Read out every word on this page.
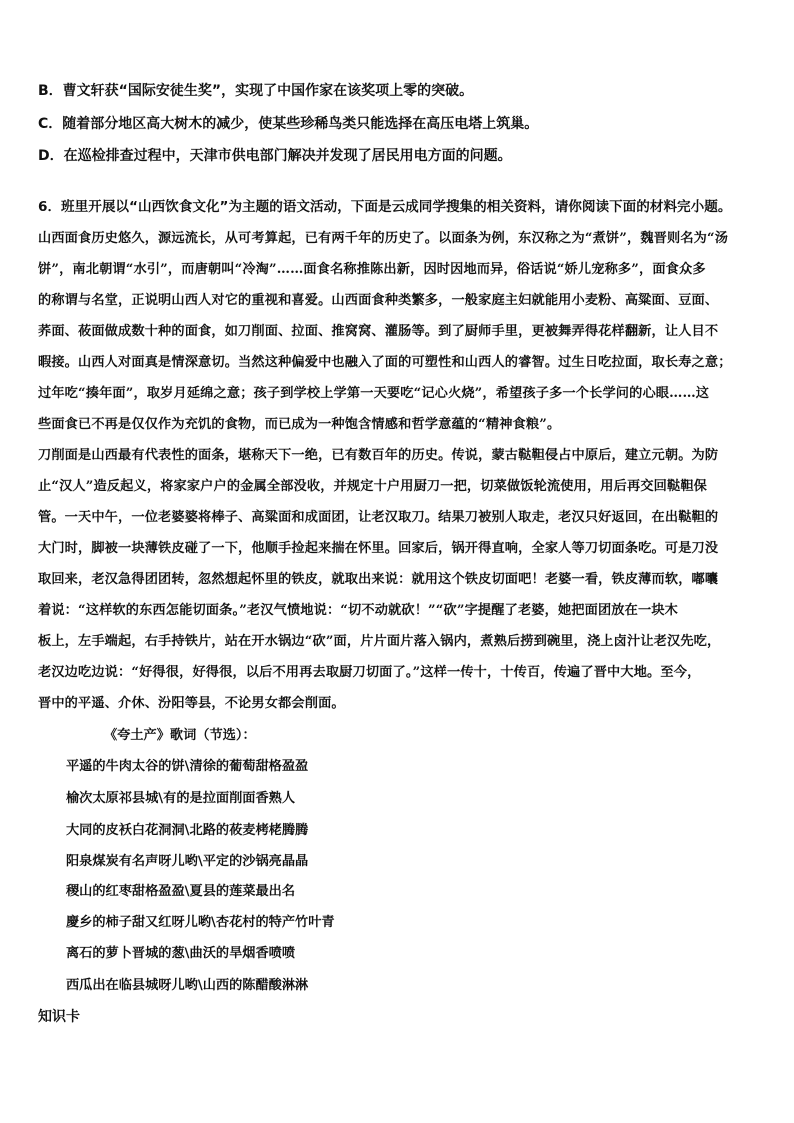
B．曹文轩获“国际安徒生奖”，实现了中国作家在该奖项上零的突破。
C．随着部分地区高大树木的减少，使某些珍稀鸟类只能选择在高压电塔上筑巢。
D．在巡检排查过程中，天津市供电部门解决并发现了居民用电方面的问题。
6．班里开展以“山西饮食文化”为主题的语文活动，下面是云成同学搜集的相关资料，请你阅读下面的材料完小题。
山西面食历史悠久，源远流长，从可考算起，已有两千年的历史了。以面条为例，东汉称之为“煮饼”，魏晋则名为“汤
饼”，南北朝谓“水引”，而唐朝叫“冷淘”……面食名称推陈出新，因时因地而异，俗话说“娇儿宠称多”，面食众多
的称谓与名堂，正说明山西人对它的重视和喜爱。山西面食种类繁多，一般家庭主妇就能用小麦粉、高粱面、豆面、
荞面、莜面做成数十种的面食，如刀削面、拉面、推窝窝、灌肠等。到了厨师手里，更被舞弄得花样翻新，让人目不
暇接。山西人对面真是情深意切。当然这种偏爱中也融入了面的可塑性和山西人的睿智。过生日吃拉面，取长寿之意；
过年吃“揍年面”，取岁月延绵之意；孩子到学校上学第一天要吃“记心火烧”，希望孩子多一个长学问的心眼……这
些面食已不再是仅仅作为充饥的食物，而已成为一种饱含情感和哲学意蕴的“精神食粮”。
刀削面是山西最有代表性的面条，堪称天下一绝，已有数百年的历史。传说，蒙古鞑靼侵占中原后，建立元朝。为防
止“汉人”造反起义，将家家户户的金属全部没收，并规定十户用厨刀一把，切菜做饭轮流使用，用后再交回鞑靼保
管。一天中午，一位老婆婆将棒子、高粱面和成面团，让老汉取刀。结果刀被别人取走，老汉只好返回，在出鞑靼的
大门时，脚被一块薄铁皮碰了一下，他顺手捡起来揣在怀里。回家后，锅开得直响，全家人等刀切面条吃。可是刀没
取回来，老汉急得团团转，忽然想起怀里的铁皮，就取出来说：就用这个铁皮切面吧！老婆一看，铁皮薄而软，嘟囔
着说：“这样软的东西怎能切面条。”老汉气愤地说：“切不动就砍！”“砍”字提醒了老婆，她把面团放在一块木
板上，左手端起，右手持铁片，站在开水锅边“砍”面，片片面片落入锅内，煮熟后捞到碗里，浇上卤汁让老汉先吃，
老汉边吃边说：“好得很，好得很，以后不用再去取厨刀切面了。”这样一传十，十传百，传遍了晋中大地。至今，
晋中的平遥、介休、汾阳等县，不论男女都会削面。
《夸土产》歌词（节选）：
平遥的牛肉太谷的饼\清徐的葡萄甜格盈盈
榆次太原祁县城\有的是拉面削面香熟人
大同的皮袄白花洞洞\北路的莜麦栲栳腾腾
阳泉煤炭有名声呀儿哟\平定的沙锅亮晶晶
稷山的红枣甜格盈盈\夏县的莲菜最出名
慶乡的柿子甜又红呀儿哟\杏花村的特产竹叶青
离石的萝卜晋城的葱\曲沃的旱烟香喷喷
西瓜出在临县城呀儿哟\山西的陈醋酸淋淋
知识卡
